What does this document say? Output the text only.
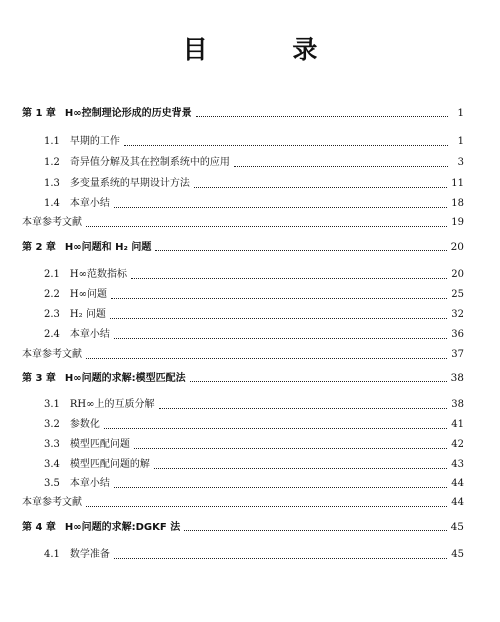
目 录
第 1 章 H∞控制理论形成的历史背景	1
1.1 早期的工作	1
1.2 奇异值分解及其在控制系统中的应用	3
1.3 多变量系统的早期设计方法	11
1.4 本章小结	18
本章参考文献	19
第 2 章 H∞问题和 H₂ 问题	20
2.1 H∞范数指标	20
2.2 H∞问题	25
2.3 H₂ 问题	32
2.4 本章小结	36
本章参考文献	37
第 3 章 H∞问题的求解:模型匹配法	38
3.1 RH∞上的互质分解	38
3.2 参数化	41
3.3 模型匹配问题	42
3.4 模型匹配问题的解	43
3.5 本章小结	44
本章参考文献	44
第 4 章 H∞问题的求解:DGKF 法	45
4.1 数学准备	45
